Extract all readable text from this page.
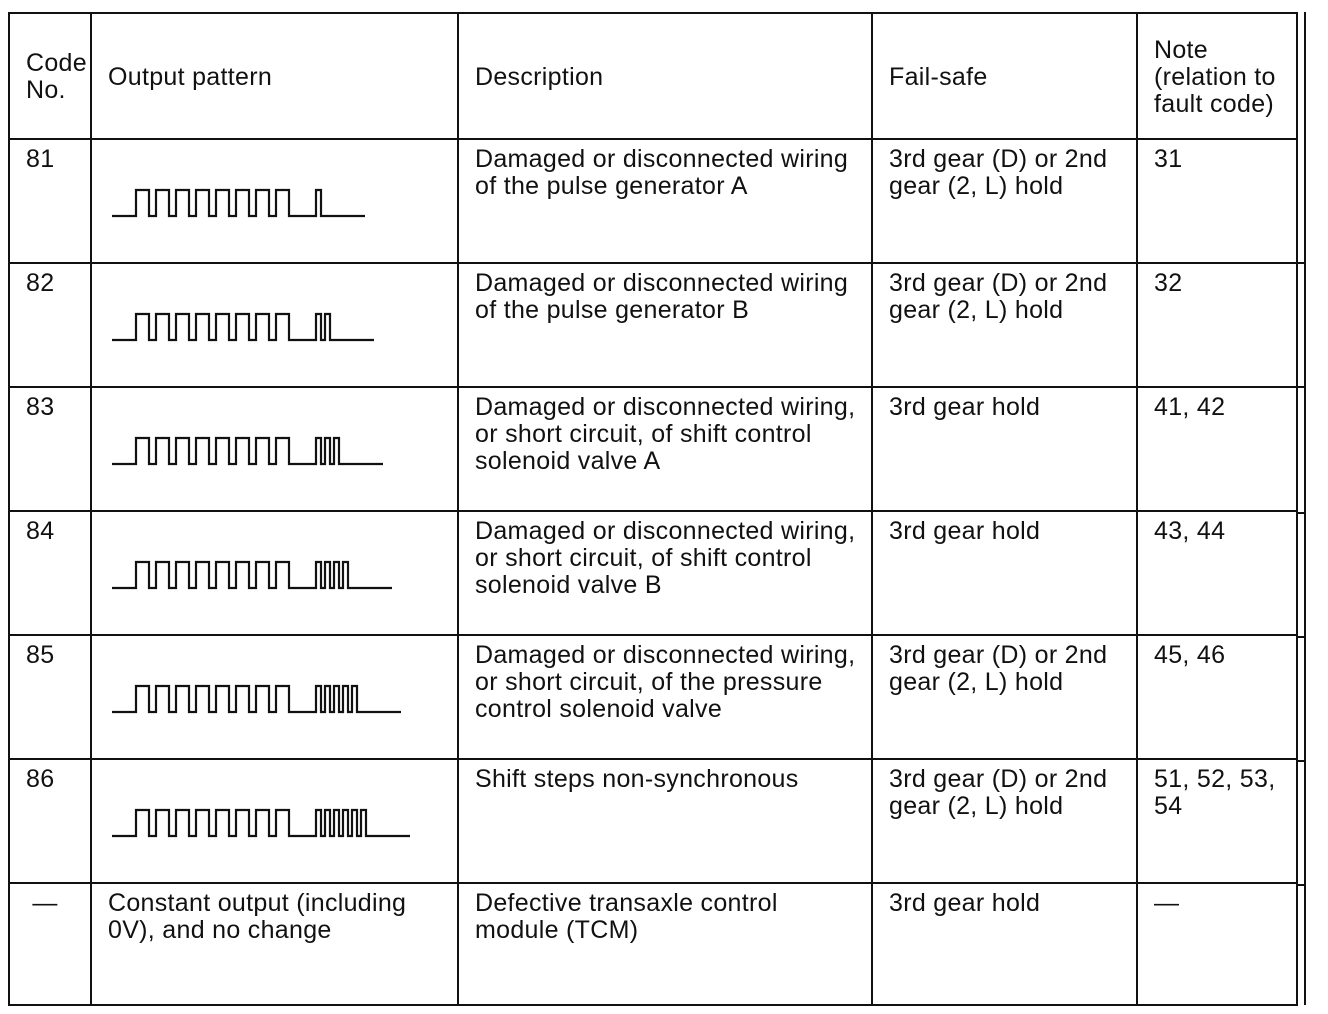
Code No.	Output pattern	Description	Fail-safe	Note (relation to fault code)
81		Damaged or disconnected wiring of the pulse generator A	3rd gear (D) or 2nd gear (2, L) hold	31
82		Damaged or disconnected wiring of the pulse generator B	3rd gear (D) or 2nd gear (2, L) hold	32
83		Damaged or disconnected wiring, or short circuit, of shift control solenoid valve A	3rd gear hold	41, 42
84		Damaged or disconnected wiring, or short circuit, of shift control solenoid valve B	3rd gear hold	43, 44
85		Damaged or disconnected wiring, or short circuit, of the pressure control solenoid valve	3rd gear (D) or 2nd gear (2, L) hold	45, 46
86		Shift steps non-synchronous	3rd gear (D) or 2nd gear (2, L) hold	51, 52, 53, 54
—	Constant output (including 0V), and no change	Defective transaxle control module (TCM)	3rd gear hold	—
